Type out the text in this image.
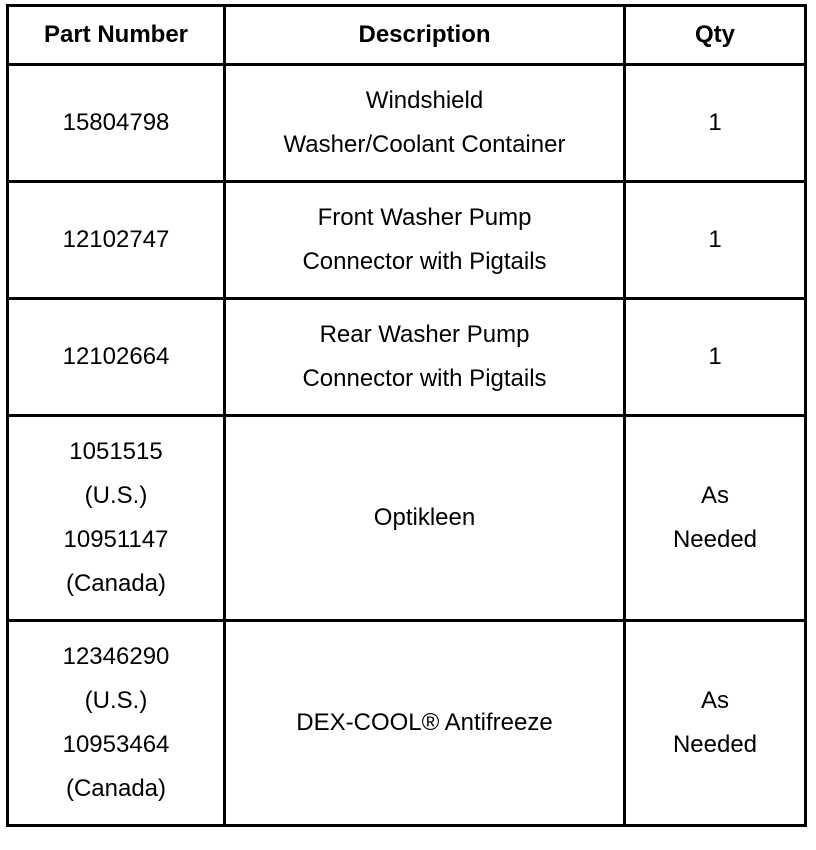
Part Number	Description	Qty

15804798	Windshield
Washer/Coolant Container	1

12102747	Front Washer Pump
Connector with Pigtails	1

12102664	Rear Washer Pump
Connector with Pigtails	1

1051515
(U.S.)
10951147
(Canada)	Optikleen	As
Needed

12346290
(U.S.)
10953464
(Canada)	DEX-COOL® Antifreeze	As
Needed
